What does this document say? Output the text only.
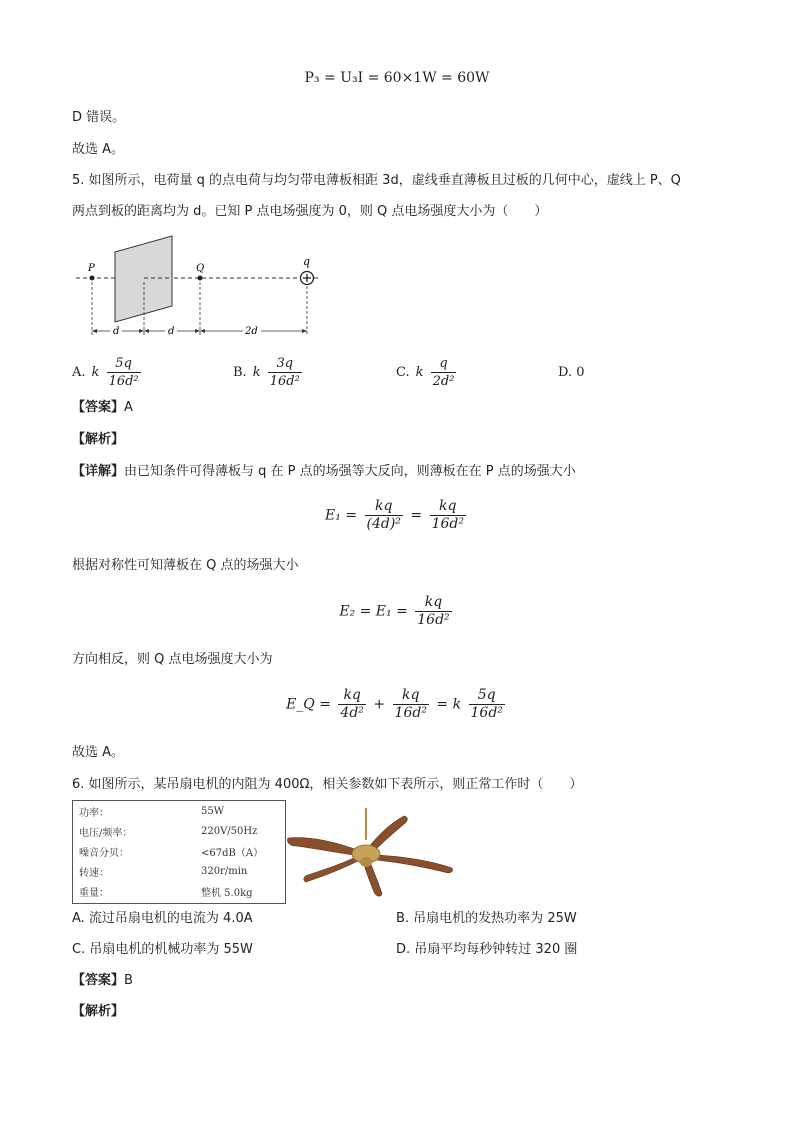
P₃ = U₃I = 60×1W = 60W
D 错误。
故选 A。
5. 如图所示，电荷量 q 的点电荷与均匀带电薄板相距 3d，虚线垂直薄板且过板的几何中心，虚线上 P、Q
两点到板的距离均为 d。已知 P 点电场强度为 0，则 Q 点电场强度大小为（　　）
P	Q
q
d	d	2d
A. k $\frac{5q}{\text{16d²}}$	B. k $\frac{3q}{\text{16d²}}$	C. k $\frac{q}{\text{2d²}}$	D. 0
【答案】A
【解析】
【详解】由已知条件可得薄板与 q 在 P 点的场强等大反向，则薄板在在 P 点的场强大小
$E_1 = \frac{kq}{\text{(4d)²}} = \frac{kq}{\text{16d²}}$
根据对称性可知薄板在 Q 点的场强大小
$E_2 = E_1 = \frac{kq}{\text{16d²}}$
方向相反，则 Q 点电场强度大小为
E_Q = $\frac{kq}{\text{4d²}} + \frac{kq}{\text{16d²}} = k \frac{5q}{\text{16d²}}$
故选 A。
6. 如图所示，某吊扇电机的内阻为 400Ω，相关参数如下表所示，则正常工作时（　　）
功率：	55W
电压/频率：	220V/50Hz
噪音分贝：	<67dB（A）
转速：	320r/min
重量：	整机 5.0kg
A. 流过吊扇电机的电流为 4.0A	B. 吊扇电机的发热功率为 25W
C. 吊扇电机的机械功率为 55W	D. 吊扇平均每秒钟转过 320 圈
【答案】B
【解析】
